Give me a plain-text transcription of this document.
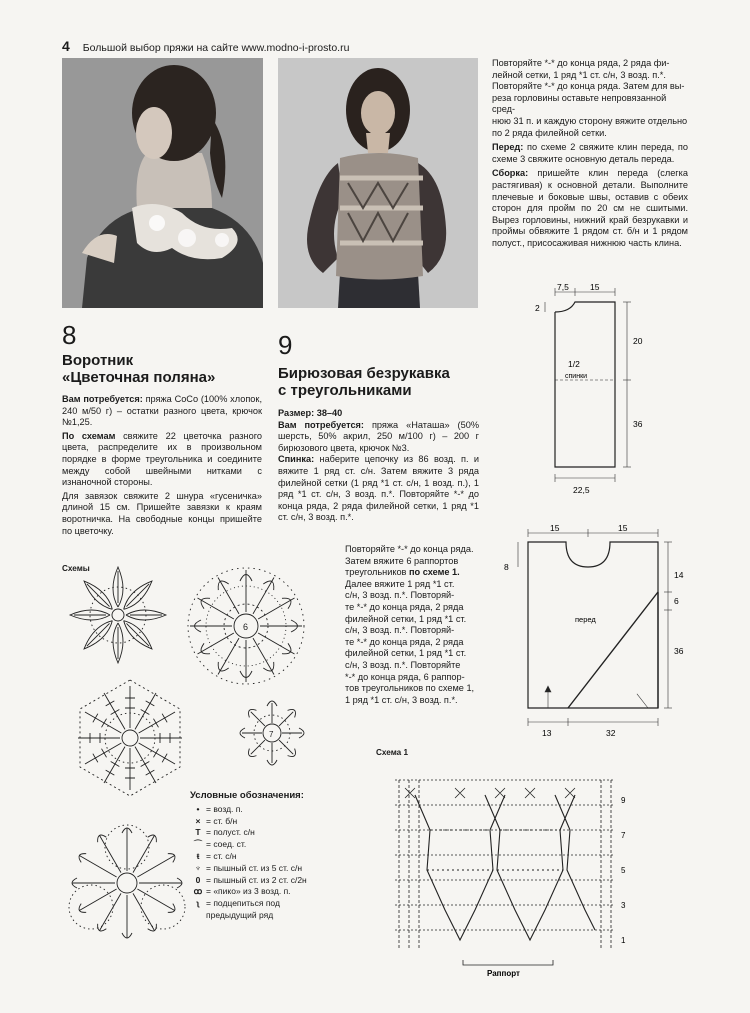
4 Большой выбор пряжи на сайте www.modno-i-prosto.ru
8
Воротник
«Цветочная поляна»
Вам потребуется: пряжа CoCo (100% хлопок, 240 м/50 г) – остатки разного цвета, крючок №1,25.
По схемам свяжите 22 цветочка разного цвета, распределите их в произвольном порядке в форме треугольника и соедините между собой швейными нитками с изнаночной стороны.
Для завязок свяжите 2 шнура «гусеничка» длиной 15 см. Пришейте завязки к краям воротничка. На свободные концы пришейте по цветочку.
Схемы
6
7
Условные обозначения:
• = возд. п.
× = ст. б/н
Т = полуст. с/н
⌒ = соед. ст.
ŧ = ст. с/н
♆ = пышный ст. из 5 ст. с/н
0 = пышный ст. из 2 ст. с/2н
ꝏ = «пико» из 3 возд. п.
ʅ = подцепиться под
предыдущий ряд
9
Бирюзовая безрукавка
с треугольниками
Размер: 38–40
Вам потребуется: пряжа «Наташа» (50% шерсть, 50% акрил, 250 м/100 г) – 200 г бирюзового цвета, крючок №3.
Спинка: наберите цепочку из 86 возд. п. и вяжите 1 ряд ст. с/н. Затем вяжите 3 ряда филейной сетки (1 ряд *1 ст. с/н, 1 возд. п.), 1 ряд *1 ст. с/н, 3 возд. п.*. Повторяйте *-* до конца ряда, 2 ряда филейной сетки, 1 ряд *1 ст. с/н, 3 возд. п.*.
Повторяйте *-* до конца ряда.
Затем вяжите 6 раппортов
треугольников по схеме 1.
Далее вяжите 1 ряд *1 ст.
с/н, 3 возд. п.*. Повторяй-
те *-* до конца ряда, 2 ряда
филейной сетки, 1 ряд *1 ст.
с/н, 3 возд. п.*. Повторяй-
те *-* до конца ряда, 2 ряда
филейной сетки, 1 ряд *1 ст.
с/н, 3 возд. п.*. Повторяйте
*-* до конца ряда, 6 раппор-
тов треугольников по схеме 1,
1 ряд *1 ст. с/н, 3 возд. п.*.
Повторяйте *-* до конца ряда, 2 ряда фи-
лейной сетки, 1 ряд *1 ст. с/н, 3 возд. п.*.
Повторяйте *-* до конца ряда. Затем для вы-
реза горловины оставьте непровязанной сред-
нюю 31 п. и каждую сторону вяжите отдельно
по 2 ряда филейной сетки.
Перед: по схеме 2 свяжите клин переда, по схеме 3 свяжите основную деталь переда.
Сборка: пришейте клин переда (слегка растягивая) к основной детали. Выполните плечевые и боковые швы, оставив с обеих сторон для пройм по 20 см не сшитыми. Вырез горловины, нижний край безрукавки и проймы обвяжите 1 рядом ст. б/н и 1 рядом полуст., присосаживая нижнюю часть клина.
7,5 15
2
20
36
22,5
1/2
спинки
15	15
8
14
6
36
13	32
перед
Схема 1
9
7
5
3
1
Раппорт
